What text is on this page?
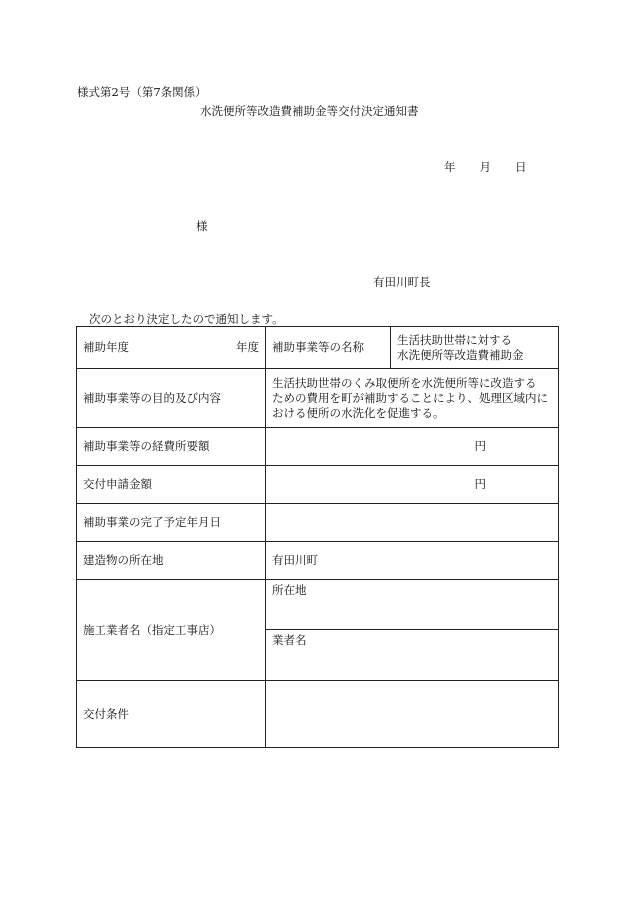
様式第2号（第7条関係）
水洗便所等改造費補助金等交付決定通知書
年 月 日
様
有田川町長
次のとおり決定したので通知します。
補助年度	年度	補助事業等の名称	生活扶助世帯に対する
水洗便所等改造費補助金

補助事業等の目的及び内容		生活扶助世帯のくみ取便所を水洗便所等に改造する
ための費用を町が補助することにより、処理区域内に
おける便所の水洗化を促進する。	

補助事業等の経費所要額		円	
交付申請金額		円	
補助事業の完了予定年月日			
建造物の所在地		有田川町	
施工業者名（指定工事店）		所在地
業者名	

交付条件			
